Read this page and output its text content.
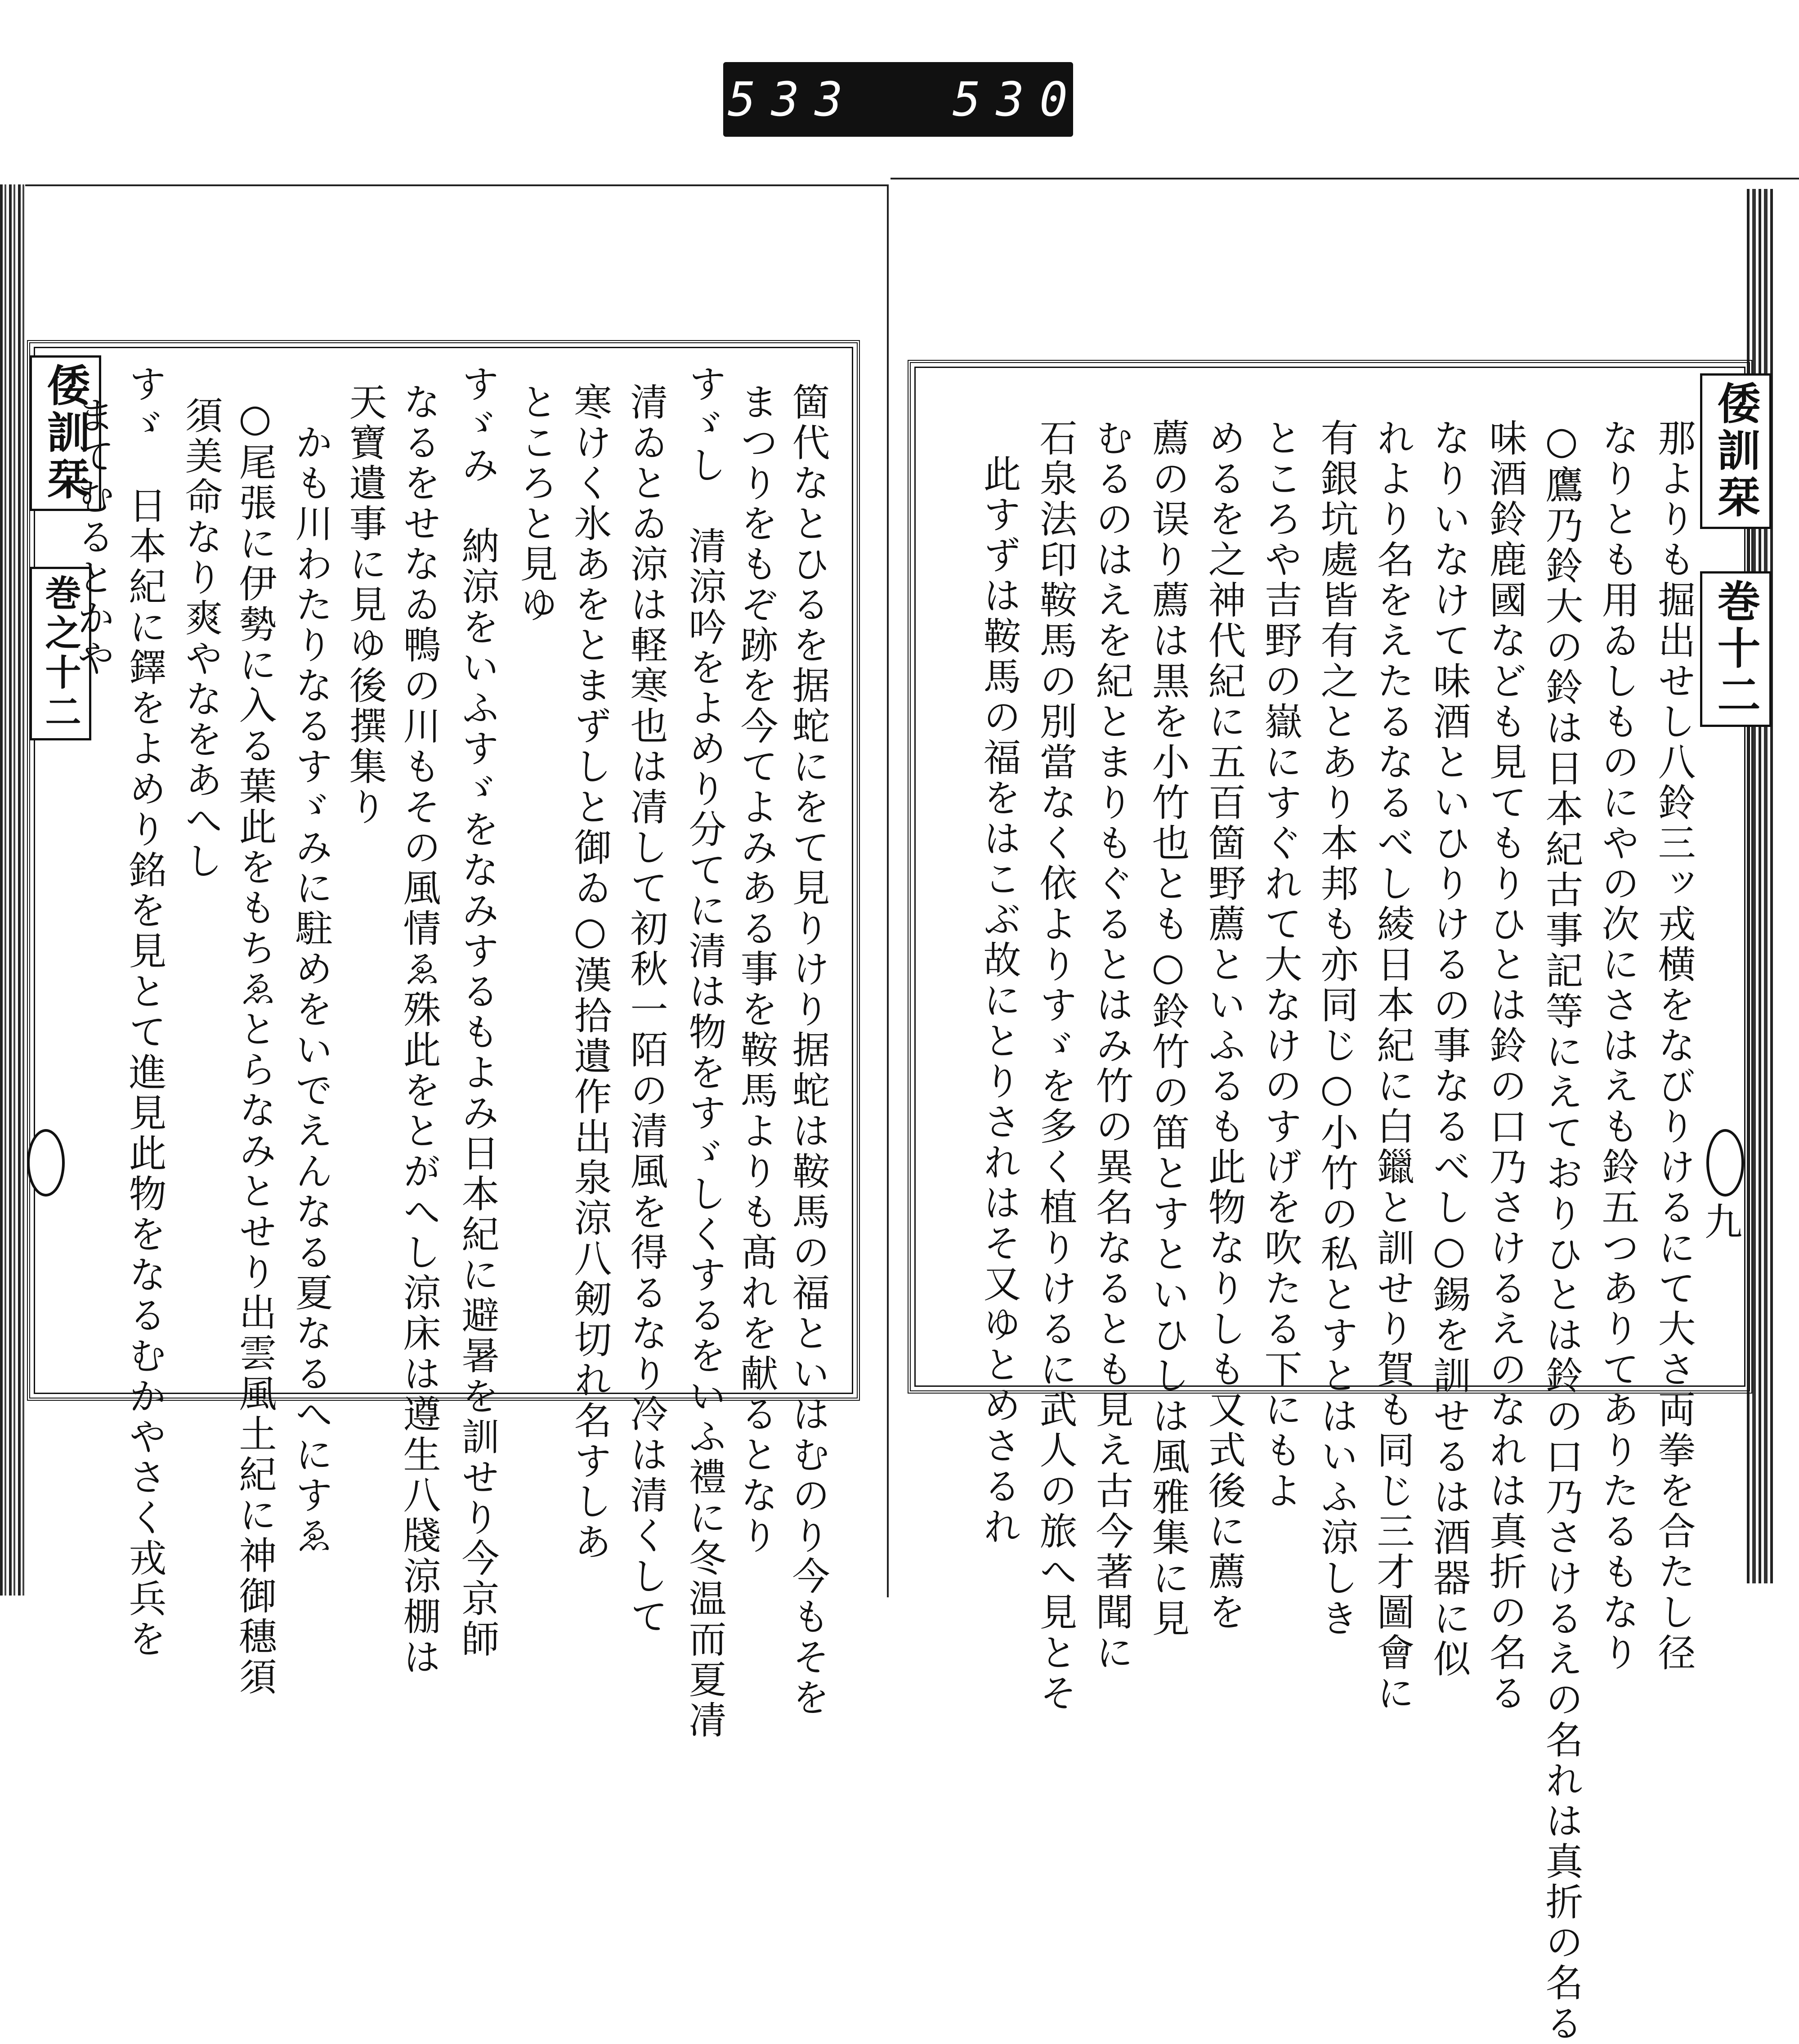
533 530.
倭訓栞
巻之十二	箇代なとひるを据蛇にをて見りけり据蛇は鞍馬の福といはむのり今もそを
まつりをもぞ跡を今てよみある事を鞍馬よりも髙れを献るとなり
すゞし　清涼吟をよめり分てに清は物をすゞしくするをいふ禮に冬温而夏凊
清ゐとゐ涼は軽寒也は凊して初秋一陌の清風を得るなり冷は清くして
寒けく氷あをとまずしと御ゐ○漢拾遺作出泉涼八剱切れ名すしあ
ところと見ゆ
すゞみ　納涼をいふすゞをなみするもよみ日本紀に避暑を訓せり今京師
なるをせなゐ鴨の川もその風情ゑ殊此をとがへし涼床は遵生八牋涼棚は
天寶遺事に見ゆ後撰集り
かも川わたりなるすゞみに駐めをいでえんなる夏なるへにすゑ
○尾張に伊勢に入る葉此をもちゑとらなみとせり出雲風土紀に神御穗須
須美命なり爽やなをあへし
すゞ　日本紀に鐸をよめり銘を見とて進見此物をなるむかやさく戎兵を
まてむるとかや	倭訓栞
巻十二
九
那よりも掘出せし八鈴三ッ戎横をなびりけるにて大さ両拳を合たし径
なりとも用ゐしものにやの次にさはえも鈴五つありてありたるもなり
○鷹乃鈴大の鈴は日本紀古事記等にえておりひとは鈴の口乃さけるえの名れは真折の名る
味酒鈴鹿國なども見てもりひとは鈴の口乃さけるえのなれは真折の名る
なりいなけて味酒といひりけるの事なるべし○錫を訓せるは酒器に似
れより名をえたるなるべし綾日本紀に白鑞と訓せり賀も同じ三才圖會に
有銀坑處皆有之とあり本邦も亦同じ○小竹の私とすとはいふ涼しき
ところや吉野の嶽にすぐれて大なけのすげを吹たる下にもよ
めるを之神代紀に五百箇野薦といふるも此物なりしも又式後に薦を
薦の误り薦は黒を小竹也とも○鈴竹の笛とすといひしは風雅集に見
むるのはえを紀とまりもぐるとはみ竹の異名なるとも見え古今著聞に
石泉法印鞍馬の別當なく依よりすゞを多く植りけるに武人の旅へ見とそ
此すずは鞍馬の福をはこぶ故にとりされはそ又ゆとめさるれ
